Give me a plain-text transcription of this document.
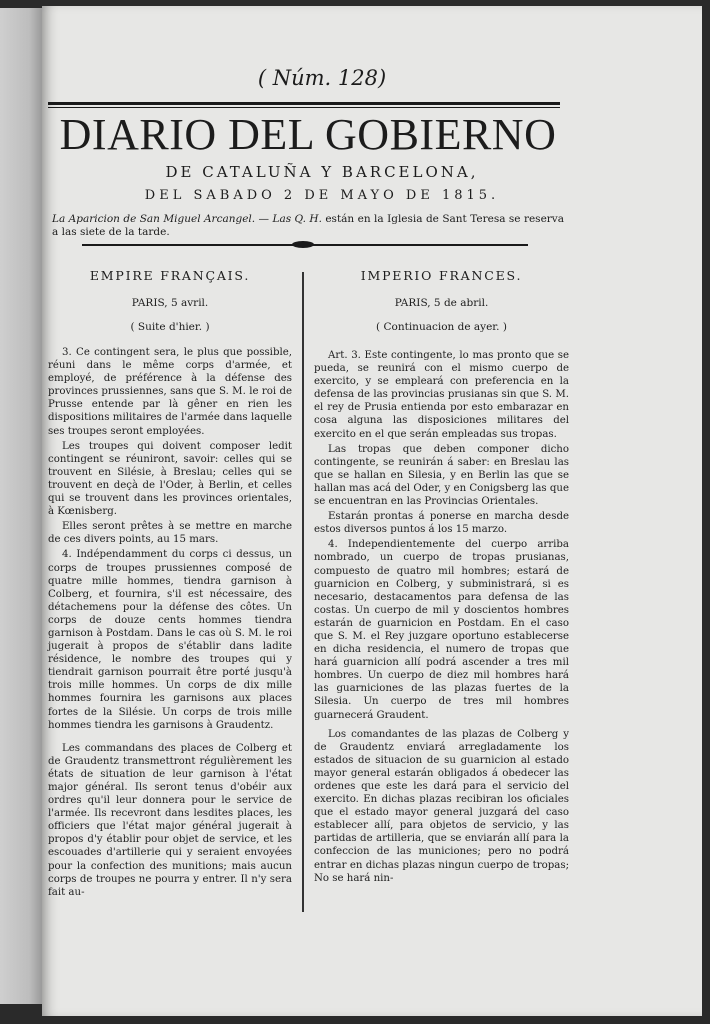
( Núm. 128)
DIARIO DEL GOBIERNO
DE CATALUÑA Y BARCELONA,
DEL SABADO 2 DE MAYO DE 1815.
La Aparicion de San Miguel Arcangel. — Las Q. H. están en la Iglesia de Sant Teresa se reserva a las siete de la tarde.
EMPIRE FRANÇAIS.
PARIS, 5 avril.
( Suite d'hier. )
IMPERIO FRANCES.
PARIS, 5 de abril.
( Continuacion de ayer. )

3. Ce contingent sera, le plus que possible, réuni dans le même corps d'armée, et employé, de préférence à la défense des provinces prussiennes, sans que S. M. le roi de Prusse entende par là gêner en rien les dispositions militaires de l'armée dans laquelle ses troupes seront employées.

Les troupes qui doivent composer ledit contingent se réuniront, savoir: celles qui se trouvent en Silésie, à Breslau; celles qui se trouvent en deçà de l'Oder, à Berlin, et celles qui se trouvent dans les provinces orientales, à Kœnisberg.

Elles seront prêtes à se mettre en marche de ces divers points, au 15 mars.

4. Indépendamment du corps ci dessus, un corps de troupes prussiennes composé de quatre mille hommes, tiendra garnison à Colberg, et fournira, s'il est nécessaire, des détachemens pour la défense des côtes. Un corps de douze cents hommes tiendra garnison à Postdam. Dans le cas où S. M. le roi jugerait à propos de s'établir dans ladite résidence, le nombre des troupes qui y tiendrait garnison pourrait être porté jusqu'à trois mille hommes. Un corps de dix mille hommes fournira les garnisons aux places fortes de la Silésie. Un corps de trois mille hommes tiendra les garnisons à Graudentz.

Les commandans des places de Colberg et de Graudentz transmettront régulièrement les états de situation de leur garnison à l'état major général. Ils seront tenus d'obéir aux ordres qu'il leur donnera pour le service de l'armée. Ils recevront dans lesdites places, les officiers que l'état major général jugerait à propos d'y établir pour objet de service, et les escouades d'artillerie qui y seraient envoyées pour la confection des munitions; mais aucun corps de troupes ne pourra y entrer. Il n'y sera fait au-

Art. 3. Este contingente, lo mas pronto que se pueda, se reunirá con el mismo cuerpo de exercito, y se empleará con preferencia en la defensa de las provincias prusianas sin que S. M. el rey de Prusia entienda por esto embarazar en cosa alguna las disposiciones militares del exercito en el que serán empleadas sus tropas.

Las tropas que deben componer dicho contingente, se reunirán á saber: en Breslau las que se hallan en Silesia, y en Berlin las que se hallan mas acá del Oder, y en Conigsberg las que se encuentran en las Provincias Orientales.

Estarán prontas á ponerse en marcha desde estos diversos puntos á los 15 marzo.

4. Independientemente del cuerpo arriba nombrado, un cuerpo de tropas prusianas, compuesto de quatro mil hombres; estará de guarnicion en Colberg, y subministrará, si es necesario, destacamentos para defensa de las costas. Un cuerpo de mil y doscientos hombres estarán de guarnicion en Postdam. En el caso que S. M. el Rey juzgare oportuno establecerse en dicha residencia, el numero de tropas que hará guarnicion allí podrá ascender a tres mil hombres. Un cuerpo de diez mil hombres hará las guarniciones de las plazas fuertes de la Silesia. Un cuerpo de tres mil hombres guarnecerá Graudent.

Los comandantes de las plazas de Colberg y de Graudentz enviará arregladamente los estados de situacion de su guarnicion al estado mayor general estarán obligados á obedecer las ordenes que este les dará para el servicio del exercito. En dichas plazas recibiran los oficiales que el estado mayor general juzgará del caso establecer allí, para objetos de servicio, y las partidas de artilleria, que se enviarán allí para la confeccion de las municiones; pero no podrá entrar en dichas plazas ningun cuerpo de tropas; No se hará nin-
